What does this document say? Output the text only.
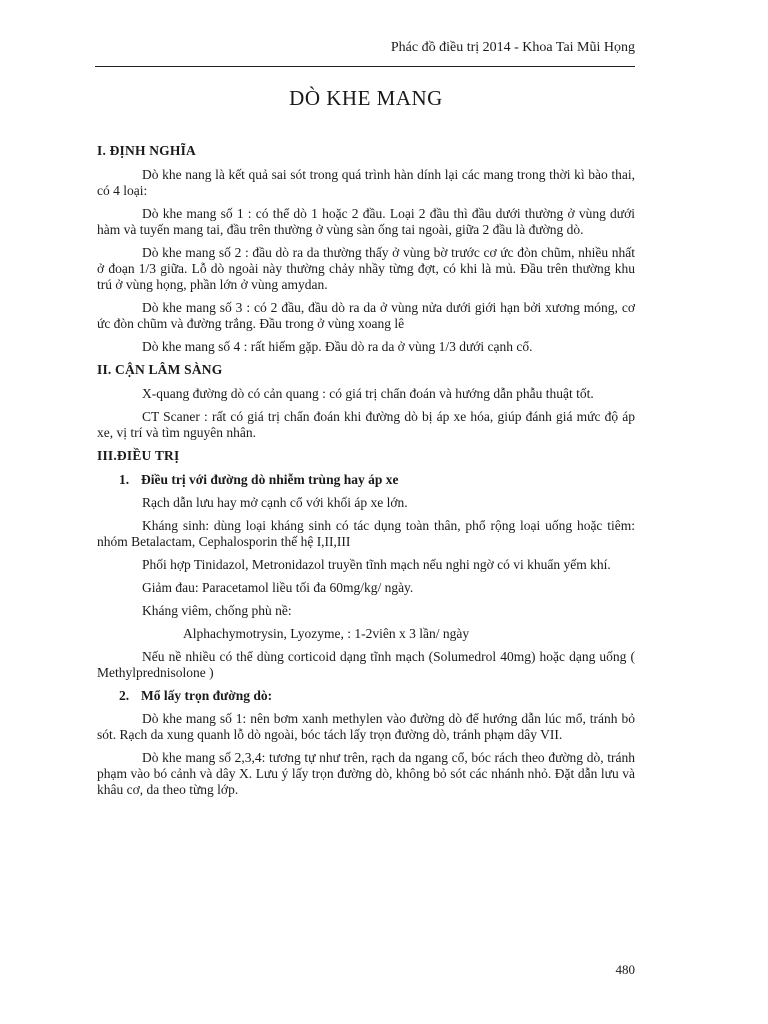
Phác đồ điều trị 2014 - Khoa Tai Mũi Họng
DÒ KHE MANG
I. ĐỊNH NGHĨA

Dò khe nang là kết quả sai sót trong quá trình hàn dính lại các mang trong thời kì bào thai, có 4 loại:

Dò khe mang số 1 : có thể dò 1 hoặc 2 đầu. Loại 2 đầu thì đầu dưới thường ở vùng dưới hàm và tuyến mang tai, đầu trên thường ở vùng sàn ống tai ngoài, giữa 2 đầu là đường dò.

Dò khe mang số 2 : đầu dò ra da thường thấy ở vùng bờ trước cơ ức đòn chũm, nhiều nhất ở đoạn 1/3 giữa. Lỗ dò ngoài này thường chảy nhầy từng đợt, có khi là mủ. Đầu trên thường khu trú ở vùng họng, phần lớn ở vùng amydan.

Dò khe mang số 3 : có 2 đầu, đầu dò ra da ở vùng nửa dưới giới hạn bởi xương móng, cơ ức đòn chũm và đường trắng. Đầu trong ở vùng xoang lê

Dò khe mang số 4 : rất hiếm gặp. Đầu dò ra da ở vùng 1/3 dưới cạnh cổ.

II. CẬN LÂM SÀNG

X-quang đường dò có cản quang : có giá trị chẩn đoán và hướng dẫn phẫu thuật tốt.

CT Scaner : rất có giá trị chẩn đoán khi đường dò bị áp xe hóa, giúp đánh giá mức độ áp xe, vị trí và tìm nguyên nhân.

III.ĐIỀU TRỊ
1. Điều trị với đường dò nhiễm trùng hay áp xe

Rạch dẫn lưu hay mở cạnh cổ với khối áp xe lớn.

Kháng sinh: dùng loại kháng sinh có tác dụng toàn thân, phổ rộng loại uống hoặc tiêm: nhóm Betalactam, Cephalosporin thế hệ I,II,III

Phối hợp Tinidazol, Metronidazol truyền tĩnh mạch nếu nghi ngờ có vi khuẩn yếm khí.

Giảm đau: Paracetamol liều tối đa 60mg/kg/ ngày.

Kháng viêm, chống phù nề:

Alphachymotrysin, Lyozyme, : 1-2viên x 3 lần/ ngày

Nếu nề nhiều có thể dùng corticoid dạng tĩnh mạch (Solumedrol 40mg) hoặc dạng uống ( Methylprednisolone )

2. Mổ lấy trọn đường dò:

Dò khe mang số 1: nên bơm xanh methylen vào đường dò để hướng dẫn lúc mổ, tránh bỏ sót. Rạch da xung quanh lỗ dò ngoài, bóc tách lấy trọn đường dò, tránh phạm dây VII.

Dò khe mang số 2,3,4: tương tự như trên, rạch da ngang cổ, bóc rách theo đường dò, tránh phạm vào bó cảnh và dây X. Lưu ý lấy trọn đường dò, không bỏ sót các nhánh nhỏ. Đặt dẫn lưu và khâu cơ, da theo từng lớp.

480
